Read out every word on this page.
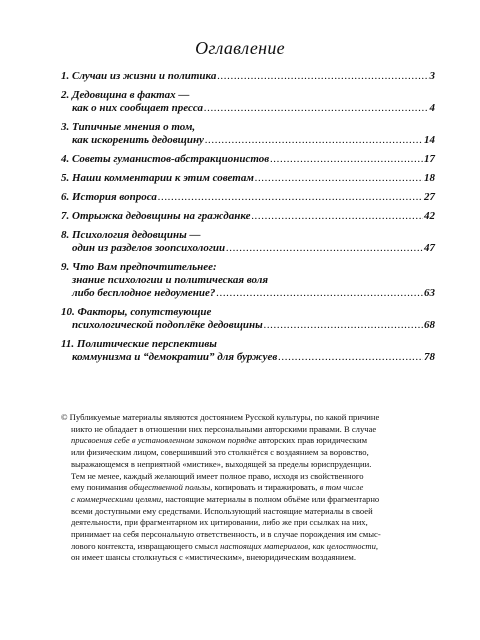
Оглавление
1. Случаи из жизни и политика .....	3
2. Дедовщина в фактах —
как о них сообщает пресса .....	4
3. Типичные мнения о том,
как искоренить дедовщину .....	14
4. Советы гуманистов-абстракционистов .....	17
5. Наши комментарии к этим советам .....	18
6. История вопроса .....	27
7. Отрыжка дедовщины на гражданке .....	42
8. Психология дедовщины —
один из разделов зоопсихологии .....	47
9. Что Вам предпочтительнее:
знание психологии и политическая воля
либо бесплодное недоумение? .....	63
10. Факторы, сопутствующие
психологической подоплёке дедовщины .....	68
11. Политические перспективы
коммунизма и “демократии” для буржуев .....	78
© Публикуемые материалы являются достоянием Русской культуры, по какой причине
никто не обладает в отношении них персональными авторскими правами. В случае
присвоения себе в установленном законом порядке авторских прав юридическим
или физическим лицом, совершивший это столкнётся с воздаянием за воровство,
выражающемся в неприятной «мистике», выходящей за пределы юриспруденции.
Тем не менее, каждый желающий имеет полное право, исходя из свойственного
ему понимания общественной пользы, копировать и тиражировать, в том числе
с коммерческими целями, настоящие материалы в полном объёме или фрагментарно
всеми доступными ему средствами. Использующий настоящие материалы в своей
деятельности, при фрагментарном их цитировании, либо же при ссылках на них,
принимает на себя персональную ответственность, и в случае порождения им смыс-
лового контекста, извращающего смысл настоящих материалов, как целостности,
он имеет шансы столкнуться с «мистическим», внеюридическим воздаянием.
